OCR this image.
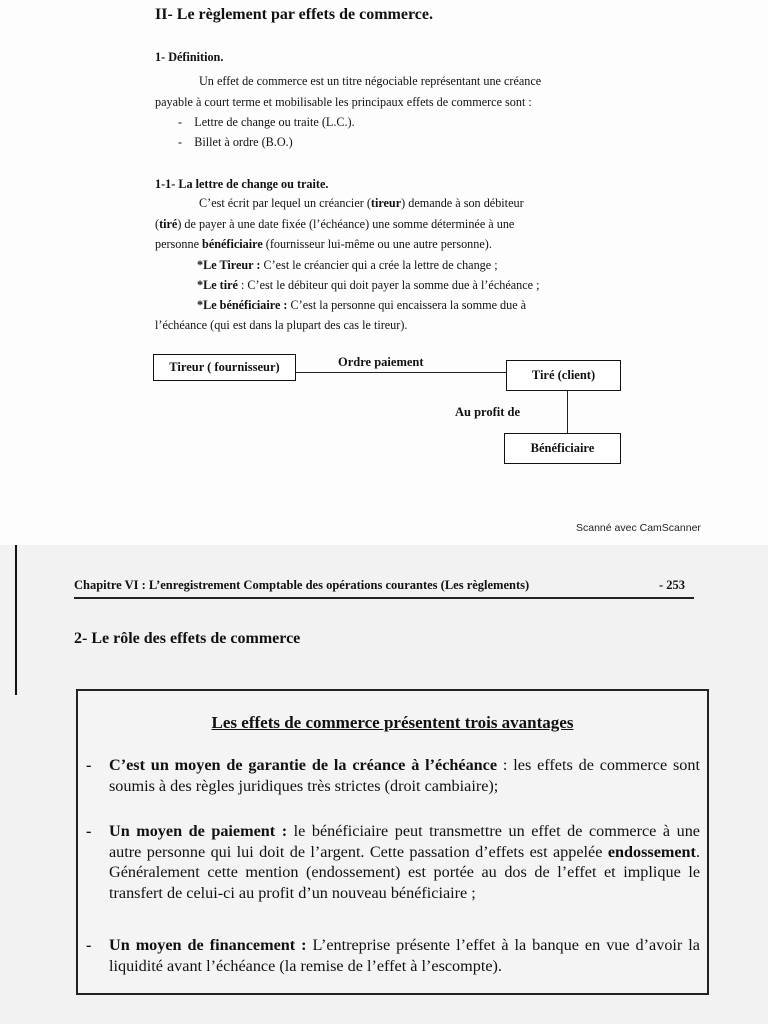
II- Le règlement par effets de commerce.
1- Définition.
Un effet de commerce est un titre négociable représentant une créance
payable à court terme et mobilisable les principaux effets de commerce sont :
-    Lettre de change ou traite (L.C.).
-    Billet à ordre (B.O.)
1-1- La lettre de change ou traite.
C’est écrit par lequel un créancier (tireur) demande à son débiteur
(tiré) de payer à une date fixée (l’échéance) une somme déterminée à une
personne bénéficiaire (fournisseur lui-même ou une autre personne).
*Le Tireur : C’est le créancier qui a crée la lettre de change ;
*Le tiré : C’est le débiteur qui doit payer la somme due à l’échéance ;
*Le bénéficiaire : C’est la personne qui encaissera la somme due à
l’échéance (qui est dans la plupart des cas le tireur).
Tireur ( fournisseur)	Ordre paiement
Tiré (client)
Au profit de
Bénéficiaire
Scanné avec CamScanner
Chapitre VI : L’enregistrement Comptable des opérations courantes (Les règlements)	- 253
2- Le rôle des effets de commerce
Les effets de commerce présentent trois avantages
- C’est un moyen de garantie de la créance à l’échéance : les effets de commerce sont soumis à des règles juridiques très strictes (droit cambiaire);
- Un moyen de paiement : le bénéficiaire peut transmettre un effet de commerce à une autre personne qui lui doit de l’argent. Cette passation d’effets est appelée endossement. Généralement cette mention (endossement) est portée au dos de l’effet et implique le transfert de celui-ci au profit d’un nouveau bénéficiaire ;
- Un moyen de financement : L’entreprise présente l’effet à la banque en vue d’avoir la liquidité avant l’échéance (la remise de l’effet à l’escompte).
